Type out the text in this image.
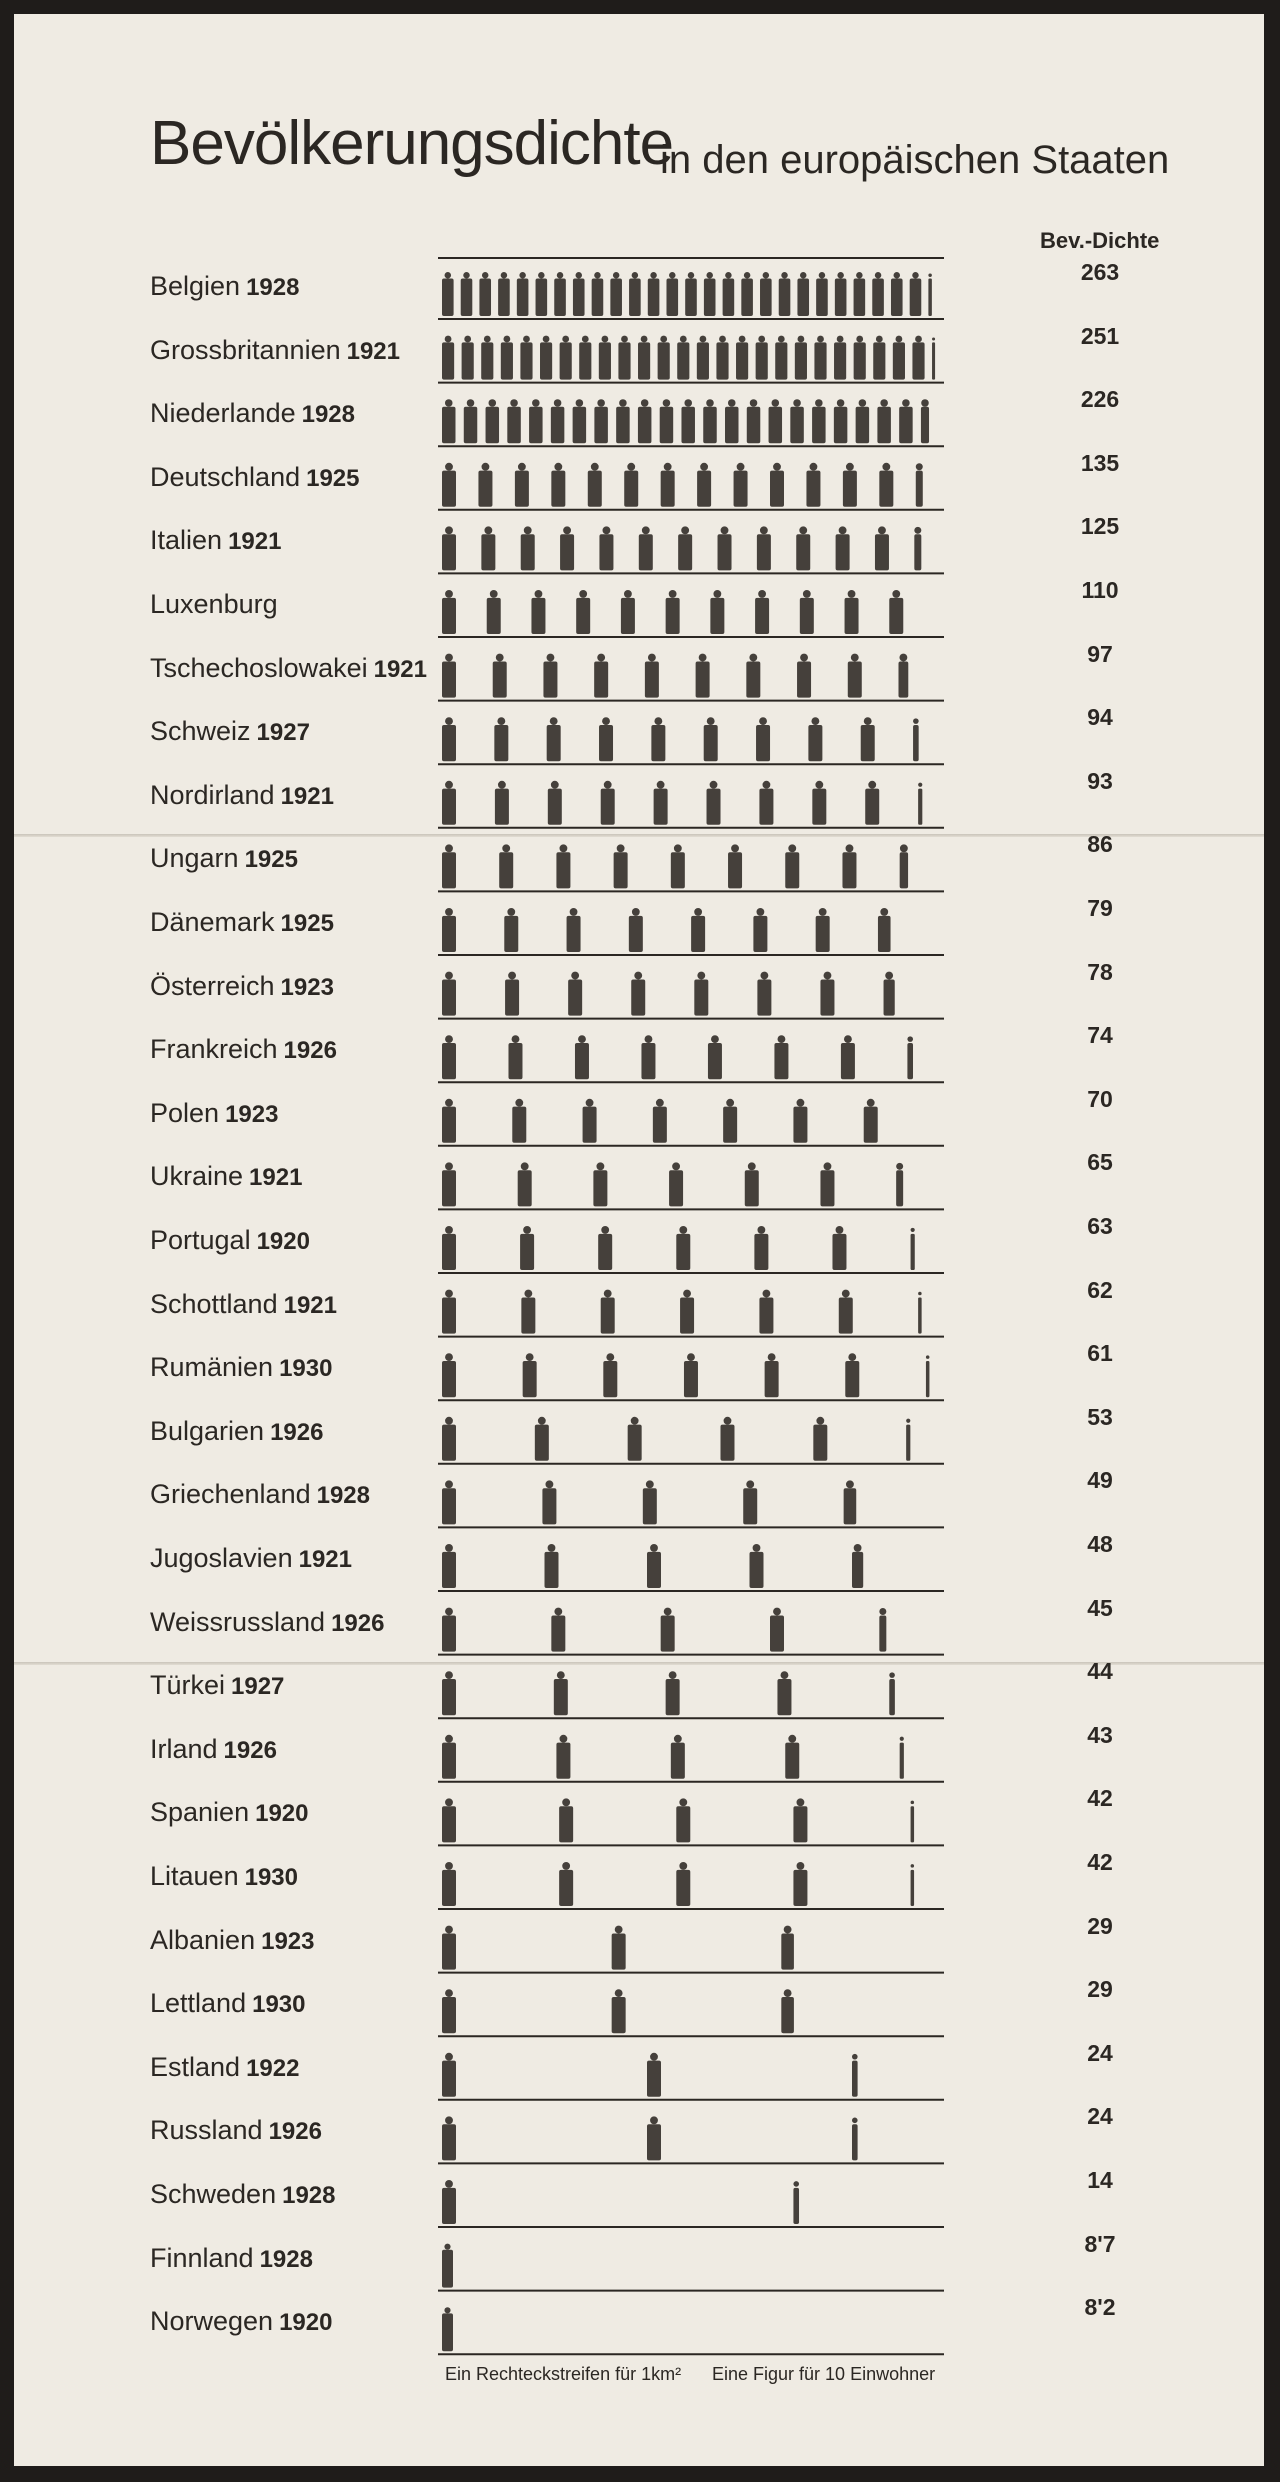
Bevölkerungsdichte
in den europäischen Staaten
Bev.-Dichte
Belgien 1928
263
Grossbritannien 1921
251
Niederlande 1928
226
Deutschland 1925
135
Italien 1921
125
Luxenburg	110
Tschechoslowakei 1921
97
Schweiz 1927
94
Nordirland 1921
93
Ungarn 1925
86
Dänemark 1925
79
Österreich 1923
78
Frankreich 1926
74
Polen 1923
70
Ukraine 1921
65
Portugal 1920
63
Schottland 1921
62
Rumänien 1930
61
Bulgarien 1926
53
Griechenland 1928
49
Jugoslavien 1921
48
Weissrussland 1926
45
Türkei 1927
44
Irland 1926
43
Spanien 1920
42
Litauen 1930
42
Albanien 1923
29
Lettland 1930
29
Estland 1922
24
Russland 1926
24
Schweden 1928
14
Finnland 1928
8'7
Norwegen 1920
8'2
Ein Rechteckstreifen für 1km² Eine Figur für 10 Einwohner
